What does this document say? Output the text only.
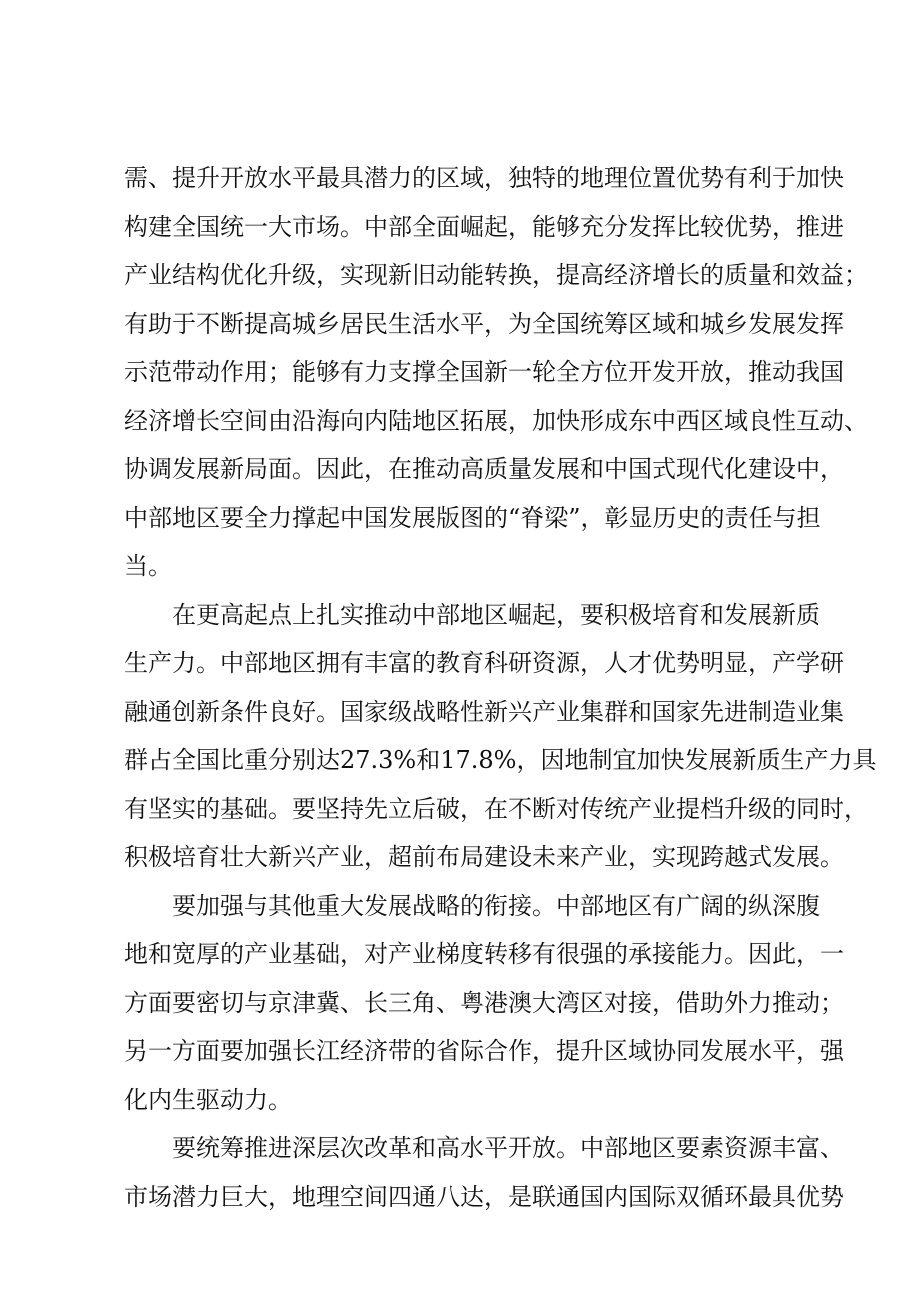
需、提升开放水平最具潜力的区域，独特的地理位置优势有利于加快
构建全国统一大市场。中部全面崛起，能够充分发挥比较优势，推进
产业结构优化升级，实现新旧动能转换，提高经济增长的质量和效益；
有助于不断提高城乡居民生活水平，为全国统筹区域和城乡发展发挥
示范带动作用；能够有力支撑全国新一轮全方位开发开放，推动我国
经济增长空间由沿海向内陆地区拓展，加快形成东中西区域良性互动、
协调发展新局面。因此，在推动高质量发展和中国式现代化建设中，
中部地区要全力撑起中国发展版图的“脊梁”，彰显历史的责任与担
当。
在更高起点上扎实推动中部地区崛起，要积极培育和发展新质
生产力。中部地区拥有丰富的教育科研资源，人才优势明显，产学研
融通创新条件良好。国家级战略性新兴产业集群和国家先进制造业集
群占全国比重分别达27.3%和17.8%，因地制宜加快发展新质生产力具
有坚实的基础。要坚持先立后破，在不断对传统产业提档升级的同时，
积极培育壮大新兴产业，超前布局建设未来产业，实现跨越式发展。
要加强与其他重大发展战略的衔接。中部地区有广阔的纵深腹
地和宽厚的产业基础，对产业梯度转移有很强的承接能力。因此，一
方面要密切与京津冀、长三角、粤港澳大湾区对接，借助外力推动；
另一方面要加强长江经济带的省际合作，提升区域协同发展水平，强
化内生驱动力。
要统筹推进深层次改革和高水平开放。中部地区要素资源丰富、
市场潜力巨大，地理空间四通八达，是联通国内国际双循环最具优势
